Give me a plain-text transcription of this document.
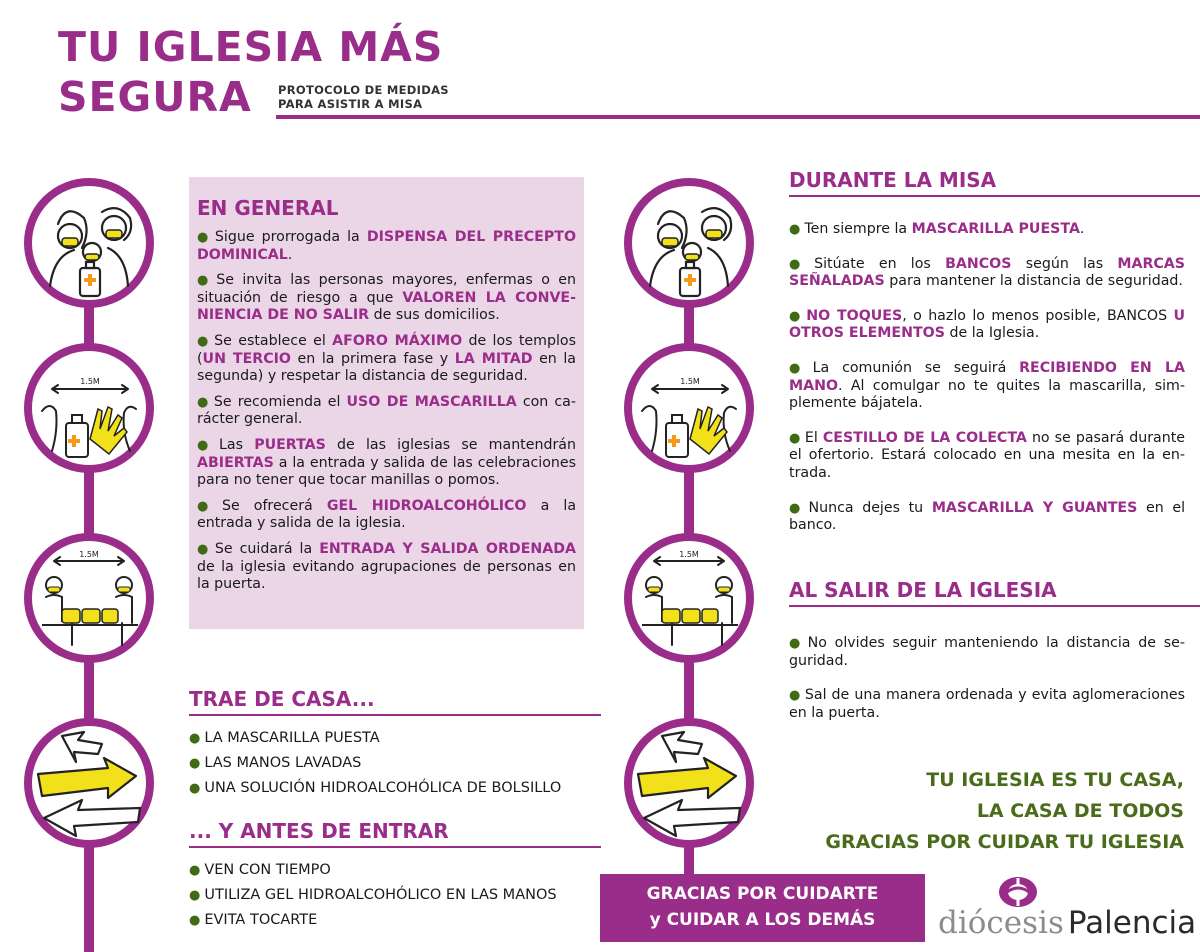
TU IGLESIA MÁS
SEGURA	PROTOCOLO DE MEDIDAS
PARA ASISTIR A MISA
1.5M
1.5M
EN GENERAL
● Sigue prorrogada la DISPENSA DEL PRECEPTO DOMINICAL.
● Se invita las personas mayores, enfermas o en situación de riesgo a que VALOREN LA CONVENIENCIA DE NO SALIR de sus domicilios.
● Se establece el AFORO MÁXIMO de los templos (UN TERCIO en la primera fase y LA MITAD en la segunda) y respetar la distancia de seguridad.
● Se recomienda el USO DE MASCARILLA con carácter general.
● Las PUERTAS de las iglesias se mantendrán ABIERTAS a la entrada y salida de las celebraciones para no tener que tocar manillas o pomos.
● Se ofrecerá GEL HIDROALCOHÓLICO a la entrada y salida de la iglesia.
● Se cuidará la ENTRADA Y SALIDA ORDENADA de la iglesia evitando agrupaciones de personas en la puerta.
TRAE DE CASA...
● LA MASCARILLA PUESTA
● LAS MANOS LAVADAS
● UNA SOLUCIÓN HIDROALCOHÓLICA DE BOLSILLO
... Y ANTES DE ENTRAR
● VEN CON TIEMPO
● UTILIZA GEL HIDROALCOHÓLICO EN LAS MANOS
● EVITA TOCARTE
1.5M
1.5M
DURANTE LA MISA
● Ten siempre la MASCARILLA PUESTA.
● Sitúate en los BANCOS según las MARCAS SEÑALADAS para mantener la distancia de seguridad.
● NO TOQUES, o hazlo lo menos posible, BANCOS U OTROS ELEMENTOS de la Iglesia.
● La comunión se seguirá RECIBIENDO EN LA MANO. Al comulgar no te quites la mascarilla, simplemente bájatela.
● El CESTILLO DE LA COLECTA no se pasará durante el ofertorio. Estará colocado en una mesita en la entrada.
● Nunca dejes tu MASCARILLA Y GUANTES en el banco.
AL SALIR DE LA IGLESIA
● No olvides seguir manteniendo la distancia de seguridad.
● Sal de una manera ordenada y evita aglomeraciones en la puerta.
TU IGLESIA ES TU CASA,
LA CASA DE TODOS
GRACIAS POR CUIDAR TU IGLESIA
GRACIAS POR CUIDARTE
y CUIDAR A LOS DEMÁS	diócesis Palencia
